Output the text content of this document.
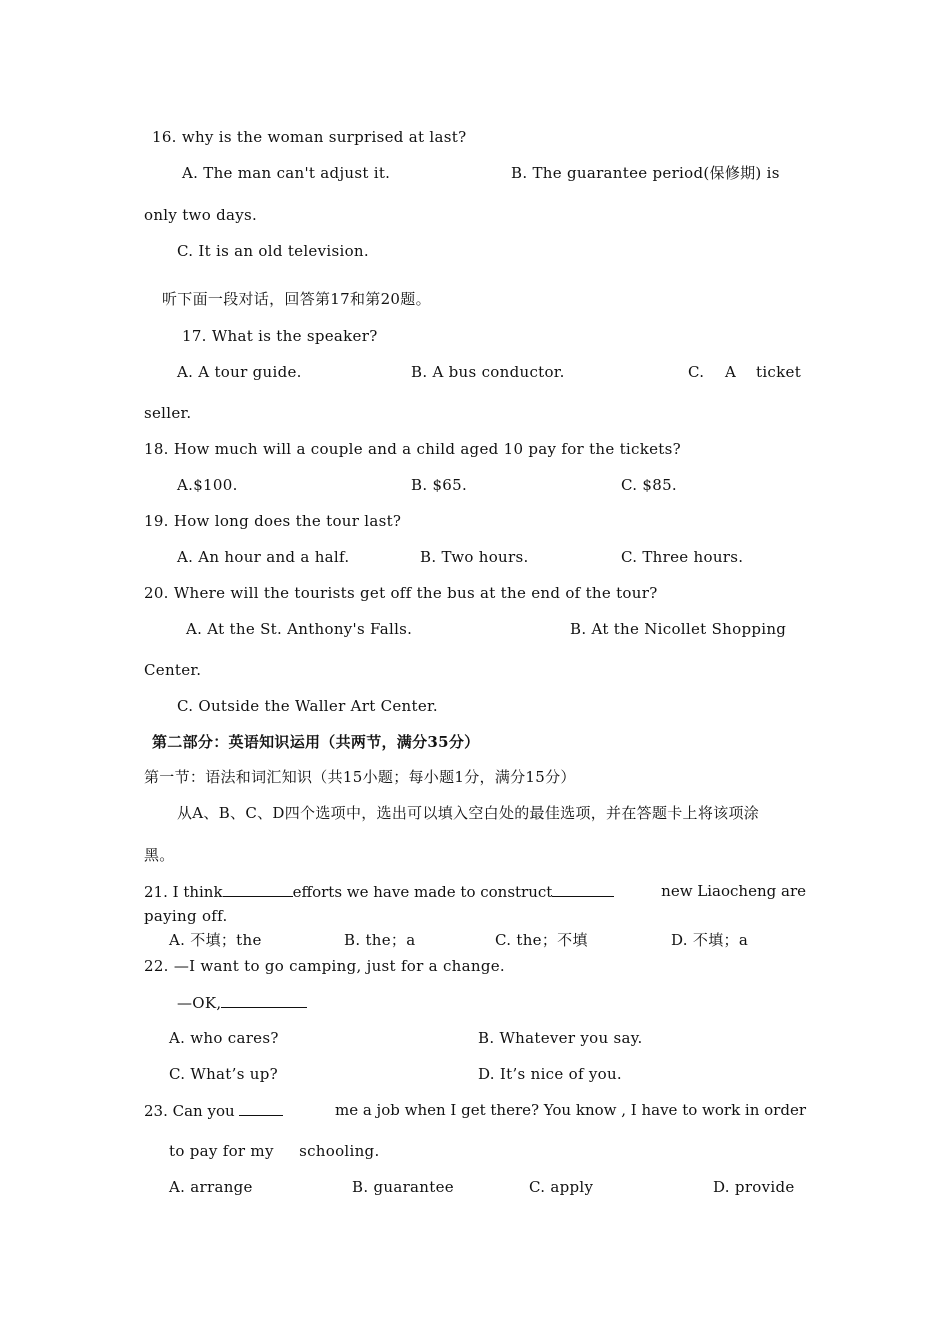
16. why is the woman surprised at last?
A. The man can't adjust it.	B. The guarantee period(保修期) is
only two days.
C. It is an old television.
听下面一段对话，回答第17和第20题。
17. What is the speaker?
A. A tour guide.	B. A bus conductor.	C. A ticket
seller.
18. How much will a couple and a child aged 10 pay for the tickets?
A.$100.	B. $65.	C. $85.
19. How long does the tour last?
A. An hour and a half.	B. Two hours.	C. Three hours.
20. Where will the tourists get off the bus at the end of the tour?
A. At the St. Anthony's Falls.	B. At the Nicollet Shopping
Center.
C. Outside the Waller Art Center.
第二部分：英语知识运用（共两节，满分35分）
第一节：语法和词汇知识（共15小题；每小题1分，满分15分）
从A、B、C、D四个选项中，选出可以填入空白处的最佳选项，并在答题卡上将该项涂
黑。
21. I think	efforts we have made to construct	new Liaocheng are
paying off.
A. 不填；the	B. the；a	C. the；不填	D. 不填；a
22. —I want to go camping, just for a change.
—OK,
A. who cares?	B. Whatever you say.
C. What’s up?	D. It’s nice of you.
23. Can you	me a job when I get there? You know , I have to work in order
to pay for my     schooling.
A. arrange	B. guarantee	C. apply	D. provide
